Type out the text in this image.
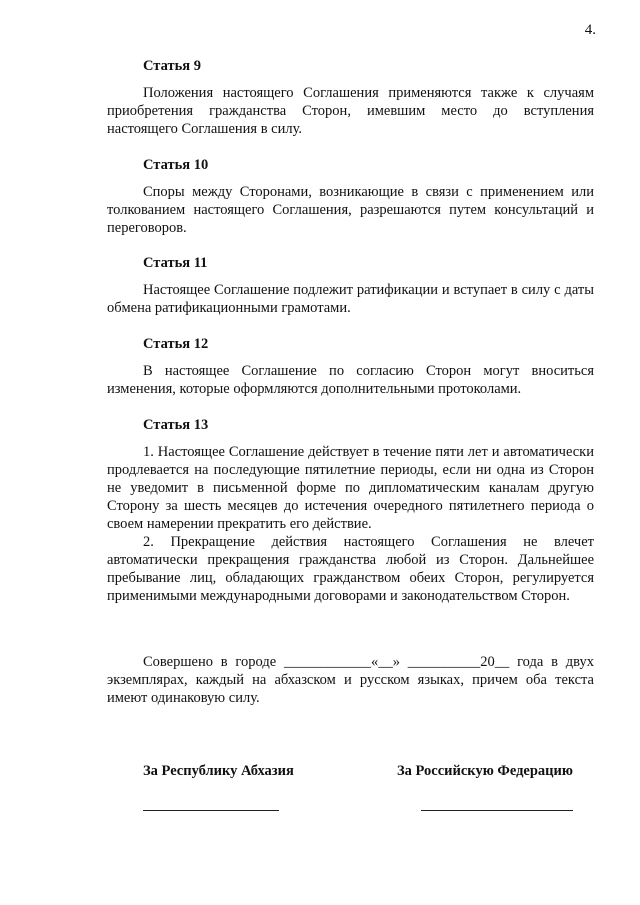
4.

Статья 9

Положения настоящего Соглашения применяются также к случаям приобретения гражданства Сторон, имевшим место до вступления настоящего Соглашения в силу.

Статья 10

Споры между Сторонами, возникающие в связи с применением или толкованием настоящего Соглашения, разрешаются путем консультаций и переговоров.

Статья 11

Настоящее Соглашение подлежит ратификации и вступает в силу с даты обмена ратификационными грамотами.

Статья 12

В настоящее Соглашение по согласию Сторон могут вноситься изменения, которые оформляются дополнительными протоколами.

Статья 13

1. Настоящее Соглашение действует в течение пяти лет и автоматически продлевается на последующие пятилетние периоды, если ни одна из Сторон не уведомит в письменной форме по дипломатическим каналам другую Сторону за шесть месяцев до истечения очередного пятилетнего периода о своем намерении прекратить его действие.

2. Прекращение действия настоящего Соглашения не влечет автоматически прекращения гражданства любой из Сторон. Дальнейшее пребывание лиц, обладающих гражданством обеих Сторон, регулируется применимыми международными договорами и законодательством Сторон.

Совершено в городе ____________«__» __________20__ года в двух экземплярах, каждый на абхазском и русском языках, причем оба текста имеют одинаковую силу.

За Республику Абхазия	За Российскую Федерацию
